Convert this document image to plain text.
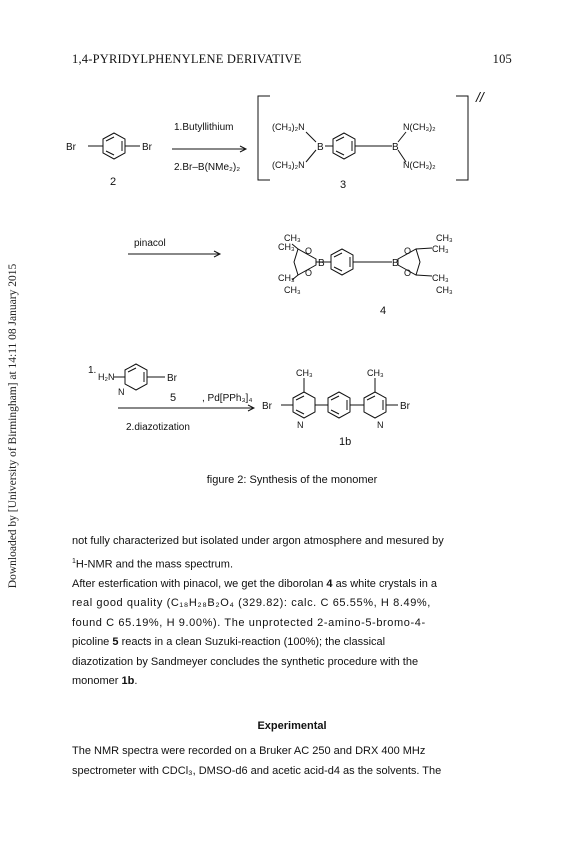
1,4-PYRIDYLPHENYLENE DERIVATIVE	105
Downloaded by [University of Birmingham] at 14:11 08 January 2015
Br	Br
2
1.Butyllithium
2.Br–B(NMe₂)₂
(CH₃)₂N
(CH₃)₂N
B	B
N(CH₃)₂
N(CH₃)₂
3
//
pinacol	CH₃
CH₃
CH₃
CH₃
O
O
B	B
O
O
CH₃
CH₃
CH₃
CH₃
4
1.
H₂N
N
Br
5	, Pd[PPh₃]₄
2.diazotization
Br
CH₃
N
CH₃
N
Br
1b
figure 2: Synthesis of the monomer

not fully characterized but isolated under argon atmosphere and mesured by

$^1$H-NMR and the mass spectrum.

After esterfication with pinacol, we get the diborolan 4 as white crystals in a

real good quality (C₁₈H₂₈B₂O₄ (329.82): calc. C 65.55%, H 8.49%,

found C 65.19%, H 9.00%). The unprotected 2-amino-5-bromo-4-

picoline 5 reacts in a clean Suzuki-reaction (100%); the classical

diazotization by Sandmeyer concludes the synthetic procedure with the

monomer 1b.

Experimental

The NMR spectra were recorded on a Bruker AC 250 and DRX 400 MHz

spectrometer with CDCl₃, DMSO-d6 and acetic acid-d4 as the solvents. The
